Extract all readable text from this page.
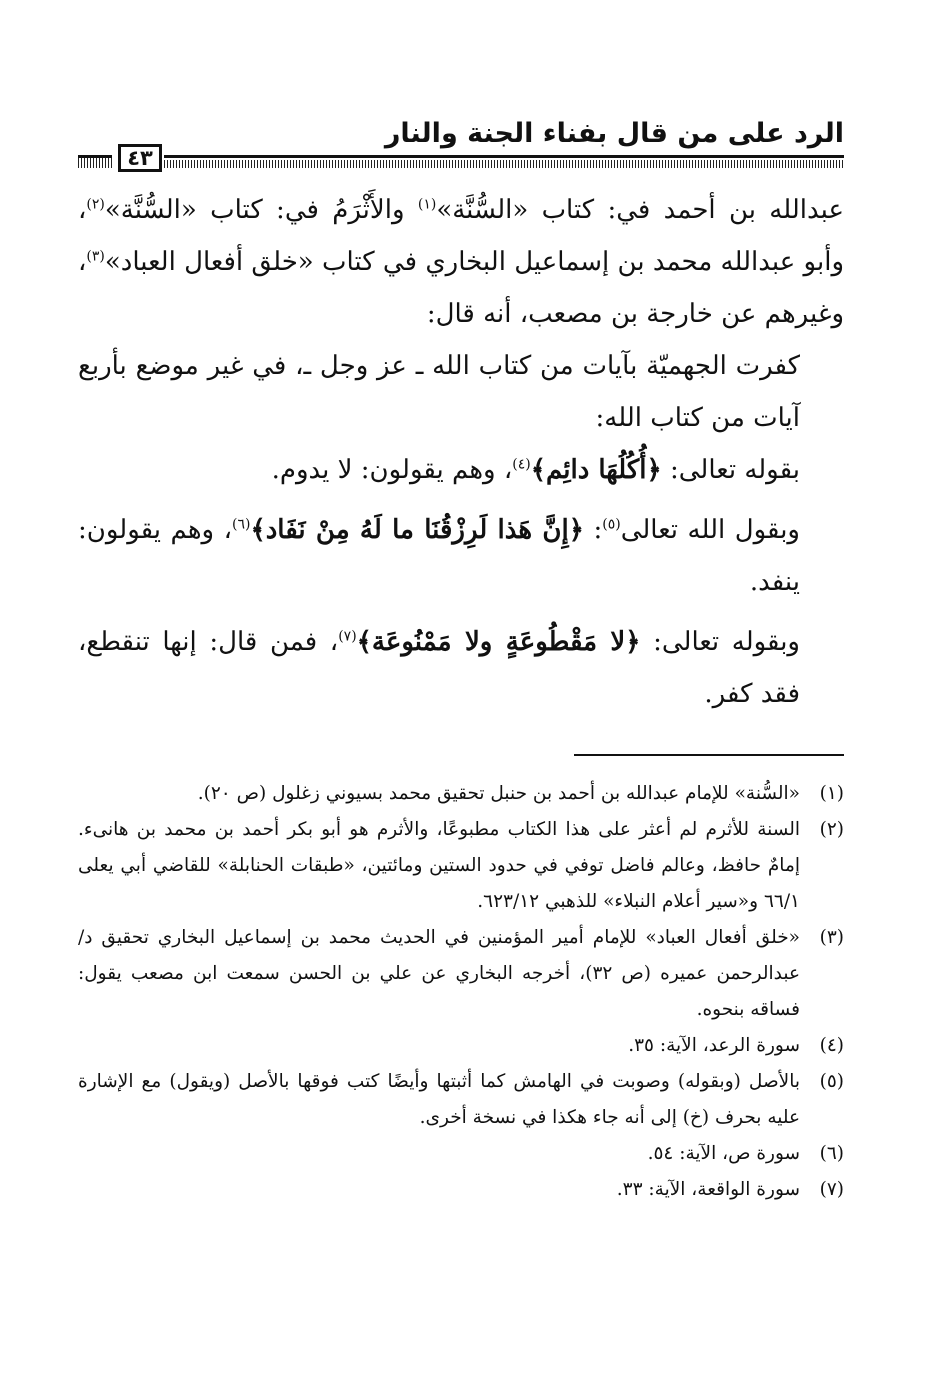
الرد على من قال بفناء الجنة والنار
٤٣

عبدالله بن أحمد في: كتاب «السُّنَّة»$^{(١)}$ والأَثْرَمُ في: كتاب «السُّنَّة»$^{(٢)}$، وأبو عبدالله محمد بن إسماعيل البخاري في كتاب «خلق أفعال العباد»$^{(٣)}$، وغيرهم عن خارجة بن مصعب، أنه قال:

كفرت الجهميّة بآيات من كتاب الله ـ عز وجل ـ، في غير موضع بأربع آيات من كتاب الله:

بقوله تعالى: ﴿أُكُلُهَا دائِم﴾$^{(٤)}$، وهم يقولون: لا يدوم.

وبقول الله تعالى$^{(٥)}$: ﴿إِنَّ هَذا لَرِزْقُنَا ما لَهُ مِنْ نَفَاد﴾$^{(٦)}$، وهم يقولون: ينفد.

وبقوله تعالى: ﴿لا مَقْطُوعَةٍ ولا مَمْنُوعَة﴾$^{(٧)}$، فمن قال: إنها تنقطع، فقد كفر.

(١)
«السُّنة» للإمام عبدالله بن أحمد بن حنبل تحقيق محمد بسيوني زغلول (ص ٢٠).
(٢)
السنة للأثرم لم أعثر على هذا الكتاب مطبوعًا، والأثرم هو أبو بكر أحمد بن محمد بن هانىء. إمامٌ حافظ، وعالم فاضل توفي في حدود الستين ومائتين، «طبقات الحنابلة» للقاضي أبي يعلى ٦٦/١ و«سير أعلام النبلاء» للذهبي ٦٢٣/١٢.
(٣)
«خلق أفعال العباد» للإمام أمير المؤمنين في الحديث محمد بن إسماعيل البخاري تحقيق د/ عبدالرحمن عميره (ص ٣٢)، أخرجه البخاري عن علي بن الحسن سمعت ابن مصعب يقول: فساقه بنحوه.
(٤)
سورة الرعد، الآية: ٣٥.
(٥)
بالأصل (وبقوله) وصوبت في الهامش كما أثبتها وأيضًا كتب فوقها بالأصل (ويقول) مع الإشارة عليه بحرف (خ) إلى أنه جاء هكذا في نسخة أخرى.
(٦)
سورة ص، الآية: ٥٤.
(٧)
سورة الواقعة، الآية: ٣٣.
